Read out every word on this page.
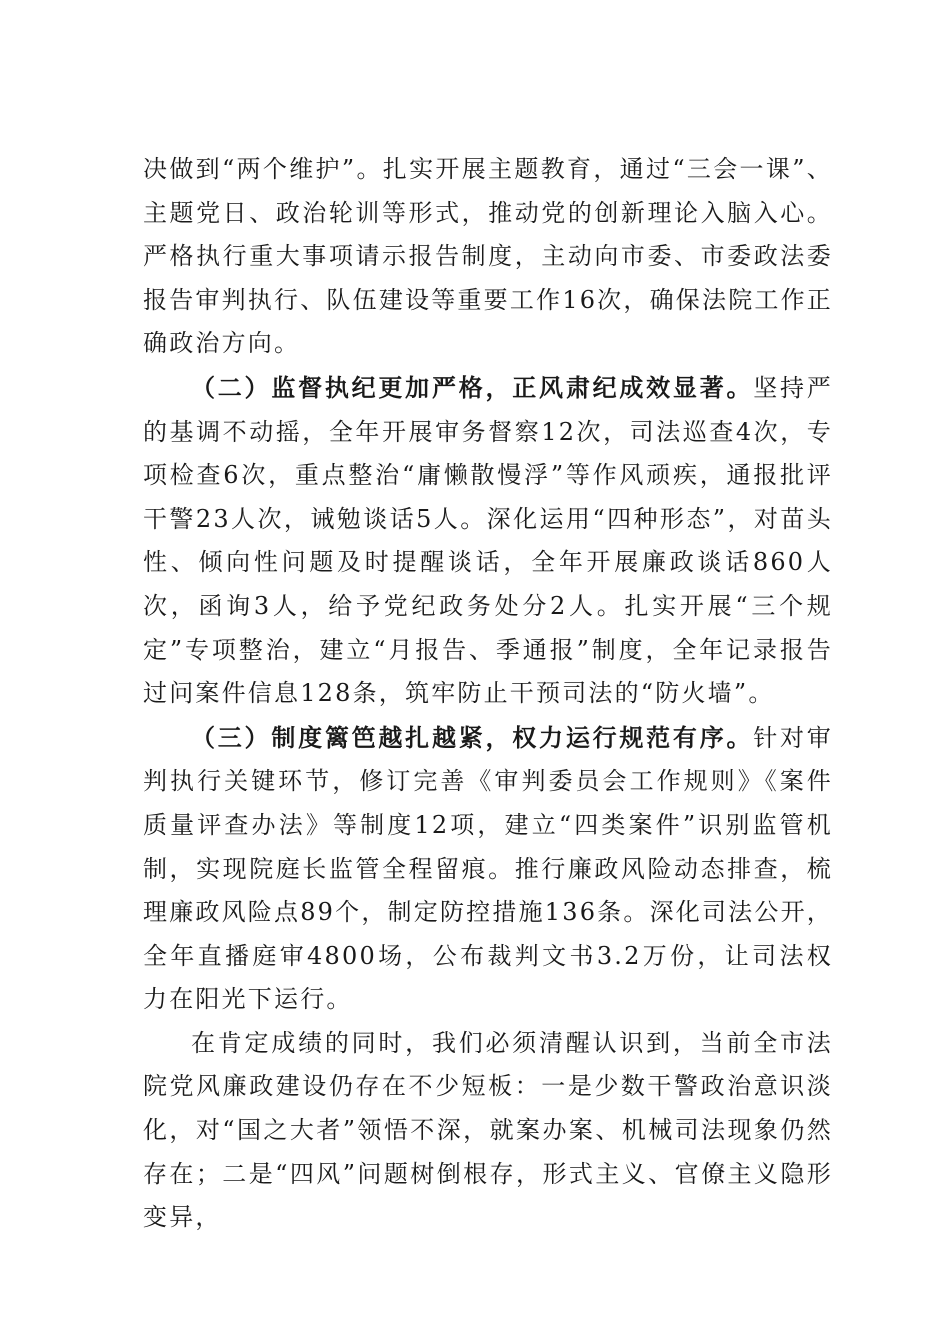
决做到“两个维护”。扎实开展主题教育，通过“三会一课”、主题党日、政治轮训等形式，推动党的创新理论入脑入心。严格执行重大事项请示报告制度，主动向市委、市委政法委报告审判执行、队伍建设等重要工作16次，确保法院工作正确政治方向。

（二）监督执纪更加严格，正风肃纪成效显著。坚持严的基调不动摇，全年开展审务督察12次，司法巡查4次，专项检查6次，重点整治“庸懒散慢浮”等作风顽疾，通报批评干警23人次，诫勉谈话5人。深化运用“四种形态”，对苗头性、倾向性问题及时提醒谈话，全年开展廉政谈话860人次，函询3人，给予党纪政务处分2人。扎实开展“三个规定”专项整治，建立“月报告、季通报”制度，全年记录报告过问案件信息128条，筑牢防止干预司法的“防火墙”。

（三）制度篱笆越扎越紧，权力运行规范有序。针对审判执行关键环节，修订完善《审判委员会工作规则》《案件质量评查办法》等制度12项，建立“四类案件”识别监管机制，实现院庭长监管全程留痕。推行廉政风险动态排查，梳理廉政风险点89个，制定防控措施136条。深化司法公开，全年直播庭审4800场，公布裁判文书3.2万份，让司法权力在阳光下运行。

在肯定成绩的同时，我们必须清醒认识到，当前全市法院党风廉政建设仍存在不少短板：一是少数干警政治意识淡化，对“国之大者”领悟不深，就案办案、机械司法现象仍然存在；二是“四风”问题树倒根存，形式主义、官僚主义隐形变异，
